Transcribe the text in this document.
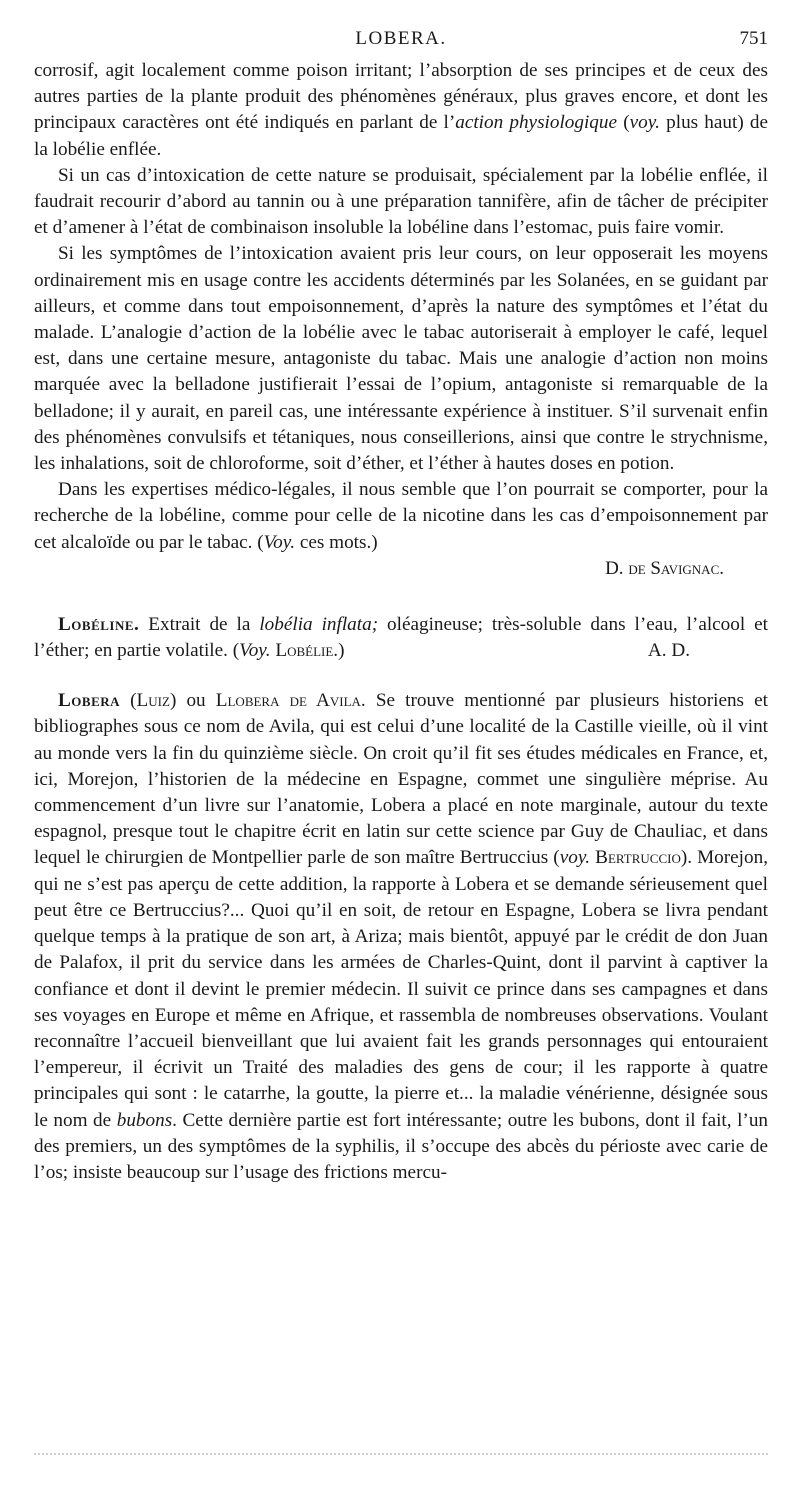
LOBERA.	751

corrosif, agit localement comme poison irritant; l’absorption de ses principes et de ceux des autres parties de la plante produit des phénomènes généraux, plus graves encore, et dont les principaux caractères ont été indiqués en parlant de l’action physiologique (voy. plus haut) de la lobélie enflée.

Si un cas d’intoxication de cette nature se produisait, spécialement par la lobélie enflée, il faudrait recourir d’abord au tannin ou à une préparation tannifère, afin de tâcher de précipiter et d’amener à l’état de combinaison insoluble la lobéline dans l’estomac, puis faire vomir.

Si les symptômes de l’intoxication avaient pris leur cours, on leur opposerait les moyens ordinairement mis en usage contre les accidents déterminés par les Solanées, en se guidant par ailleurs, et comme dans tout empoisonnement, d’après la nature des symptômes et l’état du malade. L’analogie d’action de la lobélie avec le tabac autoriserait à employer le café, lequel est, dans une certaine mesure, antagoniste du tabac. Mais une analogie d’action non moins marquée avec la belladone justifierait l’essai de l’opium, antagoniste si remarquable de la belladone; il y aurait, en pareil cas, une intéressante expérience à instituer. S’il survenait enfin des phénomènes convulsifs et tétaniques, nous conseillerions, ainsi que contre le strychnisme, les inhalations, soit de chloroforme, soit d’éther, et l’éther à hautes doses en potion.

Dans les expertises médico-légales, il nous semble que l’on pourrait se comporter, pour la recherche de la lobéline, comme pour celle de la nicotine dans les cas d’empoisonnement par cet alcaloïde ou par le tabac. (Voy. ces mots.)

D. de Savignac.

Lobéline. Extrait de la lobélia inflata; oléagineuse; très-soluble dans l’eau, l’alcool et l’éther; en partie volatile. (Voy. Lobélie.)	A. D.

Lobera (Luiz) ou Llobera de Avila. Se trouve mentionné par plusieurs historiens et bibliographes sous ce nom de Avila, qui est celui d’une localité de la Castille vieille, où il vint au monde vers la fin du quinzième siècle. On croit qu’il fit ses études médicales en France, et, ici, Morejon, l’historien de la médecine en Espagne, commet une singulière méprise. Au commencement d’un livre sur l’anatomie, Lobera a placé en note marginale, autour du texte espagnol, presque tout le chapitre écrit en latin sur cette science par Guy de Chauliac, et dans lequel le chirurgien de Montpellier parle de son maître Bertruccius (voy. Bertruccio). Morejon, qui ne s’est pas aperçu de cette addition, la rapporte à Lobera et se demande sérieusement quel peut être ce Bertruccius?... Quoi qu’il en soit, de retour en Espagne, Lobera se livra pendant quelque temps à la pratique de son art, à Ariza; mais bientôt, appuyé par le crédit de don Juan de Palafox, il prit du service dans les armées de Charles-Quint, dont il parvint à captiver la confiance et dont il devint le premier médecin. Il suivit ce prince dans ses campagnes et dans ses voyages en Europe et même en Afrique, et rassembla de nombreuses observations. Voulant reconnaître l’accueil bienveillant que lui avaient fait les grands personnages qui entouraient l’empereur, il écrivit un Traité des maladies des gens de cour; il les rapporte à quatre principales qui sont : le catarrhe, la goutte, la pierre et... la maladie vénérienne, désignée sous le nom de bubons. Cette dernière partie est fort intéressante; outre les bubons, dont il fait, l’un des premiers, un des symptômes de la syphilis, il s’occupe des abcès du périoste avec carie de l’os; insiste beaucoup sur l’usage des frictions mercu-
